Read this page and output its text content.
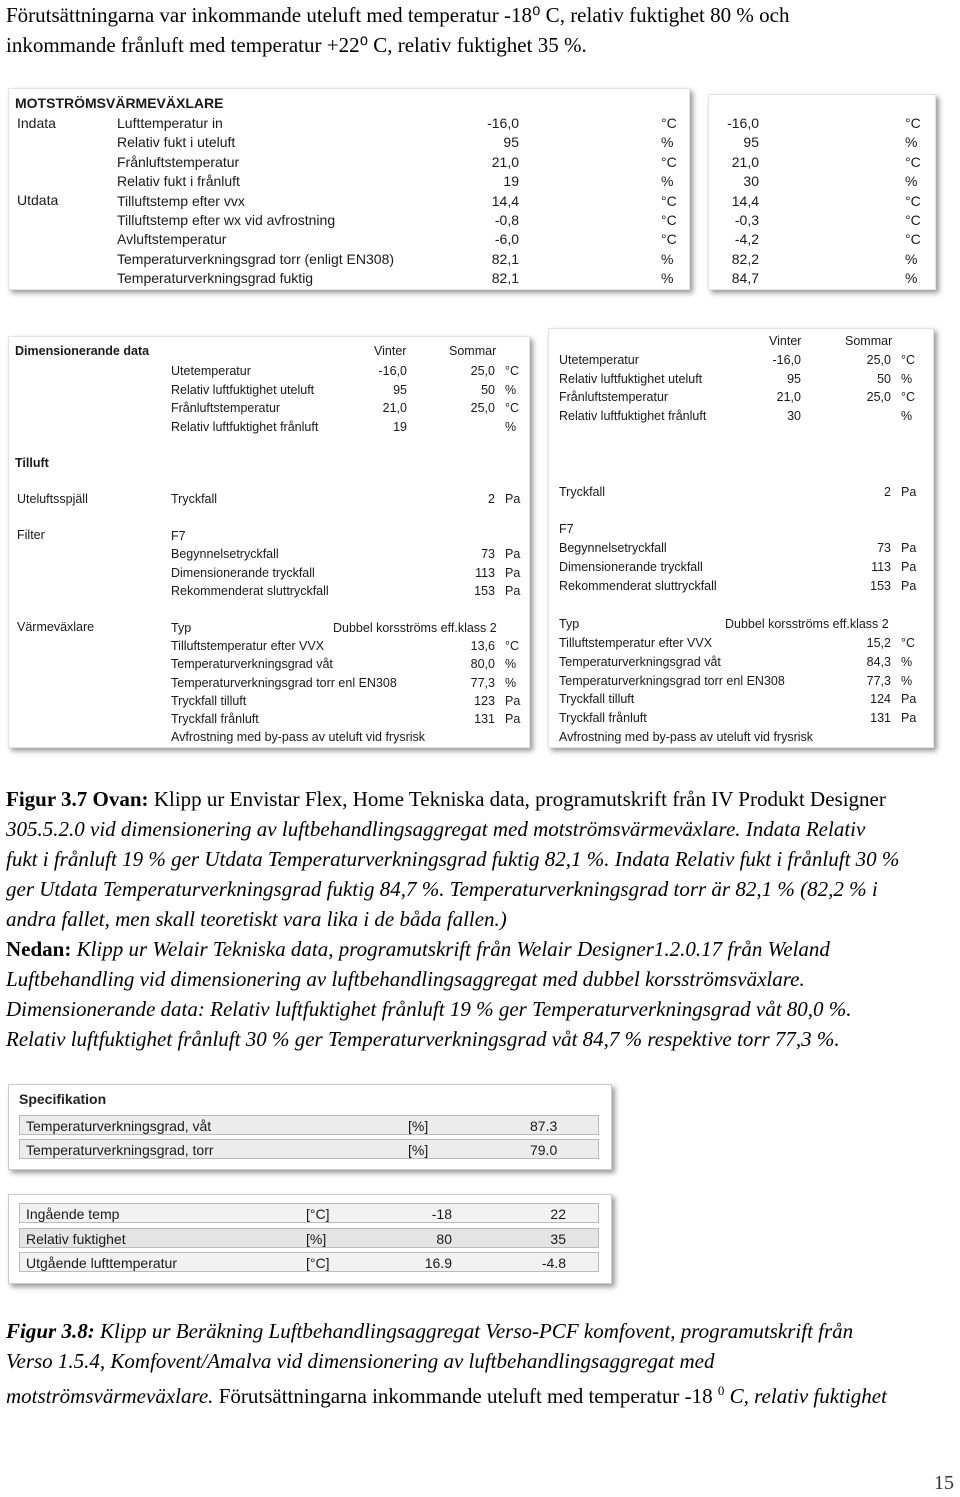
Förutsättningarna var inkommande uteluft med temperatur -18⁰ C, relativ fuktighet 80 % och
inkommande frånluft med temperatur +22⁰ C, relativ fuktighet 35 %.
MOTSTRÖMSVÄRMEVÄXLARE
Indata
Utdata
Lufttemperatur in	-16,0	°C
Relativ fukt i uteluft	95	%
Frånluftstemperatur	21,0	°C
Relativ fukt i frånluft	19	%
Tilluftstemp efter vvx	14,4	°C
Tilluftstemp efter wx vid avfrostning	-0,8	°C
Avluftstemperatur	-6,0	°C
Temperaturverkningsgrad torr (enligt EN308)	82,1	%
Temperaturverkningsgrad fuktig	82,1	%
-16,0	°C
95	%
21,0	°C
30	%
14,4	°C
-0,3	°C
-4,2	°C
82,2	%
84,7	%
Dimensionerande data	Vinter	Sommar
Utetemperatur	-16,0	25,0 °C
Relativ luftfuktighet uteluft	95	50 %
Frånluftstemperatur	21,0	25,0 °C
Relativ luftfuktighet frånluft	19	%
Tilluft
Uteluftsspjäll	Tryckfall	2 Pa
Filter	F7
Begynnelsetryckfall	73 Pa
Dimensionerande tryckfall	113 Pa
Rekommenderat sluttryckfall	153 Pa
Värmeväxlare	Typ	Dubbel korsströms eff.klass 2
Tilluftstemperatur efter VVX	13,6 °C
Temperaturverkningsgrad våt	80,0 %
Temperaturverkningsgrad torr enl EN308	77,3 %
Tryckfall tilluft	123 Pa
Tryckfall frånluft	131 Pa
Avfrostning med by-pass av uteluft vid frysrisk
Vinter	Sommar
Utetemperatur	-16,0	25,0 °C
Relativ luftfuktighet uteluft	95	50 %
Frånluftstemperatur	21,0	25,0 °C
Relativ luftfuktighet frånluft	30	%
Tryckfall	2 Pa
F7
Begynnelsetryckfall	73 Pa
Dimensionerande tryckfall	113 Pa
Rekommenderat sluttryckfall	153 Pa
Typ	Dubbel korsströms eff.klass 2
Tilluftstemperatur efter VVX	15,2 °C
Temperaturverkningsgrad våt	84,3 %
Temperaturverkningsgrad torr enl EN308	77,3 %
Tryckfall tilluft	124 Pa
Tryckfall frånluft	131 Pa
Avfrostning med by-pass av uteluft vid frysrisk
Figur 3.7 Ovan: Klipp ur Envistar Flex, Home Tekniska data, programutskrift från IV Produkt Designer
305.5.2.0 vid dimensionering av luftbehandlingsaggregat med motströmsvärmeväxlare. Indata Relativ
fukt i frånluft 19 % ger Utdata Temperaturverkningsgrad fuktig 82,1 %. Indata Relativ fukt i frånluft 30 %
ger Utdata Temperaturverkningsgrad fuktig 84,7 %. Temperaturverkningsgrad torr är 82,1 % (82,2 % i
andra fallet, men skall teoretiskt vara lika i de båda fallen.)
Nedan: Klipp ur Welair Tekniska data, programutskrift från Welair Designer1.2.0.17 från Weland
Luftbehandling vid dimensionering av luftbehandlingsaggregat med dubbel korsströmsväxlare.
Dimensionerande data: Relativ luftfuktighet frånluft 19 % ger Temperaturverkningsgrad våt 80,0 %.
Relativ luftfuktighet frånluft 30 % ger Temperaturverkningsgrad våt 84,7 % respektive torr 77,3 %.
Specifikation
Temperaturverkningsgrad, våt	[%]	87.3
Temperaturverkningsgrad, torr	[%]	79.0
Ingående temp	[°C]	-18	22
Relativ fuktighet	[%]	80	35
Utgående lufttemperatur	[°C]	16.9	-4.8
Figur 3.8: Klipp ur Beräkning Luftbehandlingsaggregat Verso-PCF komfovent, programutskrift från
Verso 1.5.4, Komfovent/Amalva vid dimensionering av luftbehandlingsaggregat med
motströmsvärmeväxlare. Förutsättningarna inkommande uteluft med temperatur -18 $^0$ C, relativ fuktighet
15
